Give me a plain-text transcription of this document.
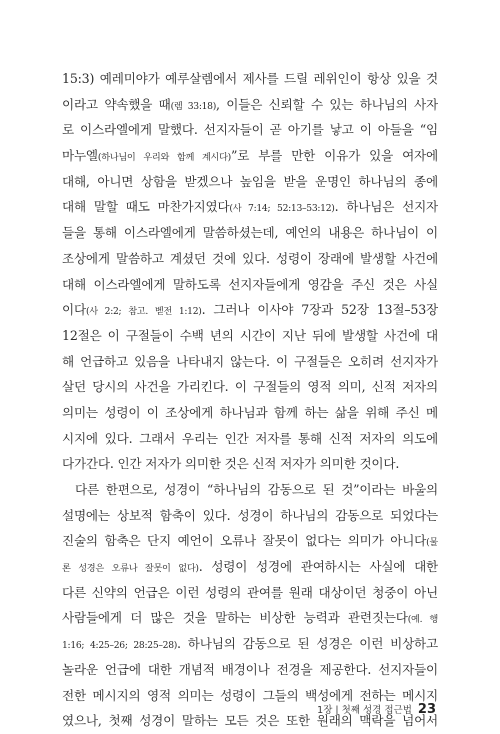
15:3) 예레미야가 예루살렘에서 제사를 드릴 레위인이 항상 있을 것
이라고 약속했을 때(렘 33:18), 이들은 신뢰할 수 있는 하나님의 사자
로 이스라엘에게 말했다. 선지자들이 곧 아기를 낳고 이 아들을 “임
마누엘(하나님이 우리와 함께 계시다)”로 부를 만한 이유가 있을 여자에
대해, 아니면 상함을 받겠으나 높임을 받을 운명인 하나님의 종에
대해 말할 때도 마찬가지였다(사 7:14; 52:13–53:12). 하나님은 선지자
들을 통해 이스라엘에게 말씀하셨는데, 예언의 내용은 하나님이 이
조상에게 말씀하고 계셨던 것에 있다. 성령이 장래에 발생할 사건에
대해 이스라엘에게 말하도록 선지자들에게 영감을 주신 것은 사실
이다(사 2:2; 참고. 벧전 1:12). 그러나 이사야 7장과 52장 13절–53장
12절은 이 구절들이 수백 년의 시간이 지난 뒤에 발생할 사건에 대
해 언급하고 있음을 나타내지 않는다. 이 구절들은 오히려 선지자가
살던 당시의 사건을 가리킨다. 이 구절들의 영적 의미, 신적 저자의
의미는 성령이 이 조상에게 하나님과 함께 하는 삶을 위해 주신 메
시지에 있다. 그래서 우리는 인간 저자를 통해 신적 저자의 의도에
다가간다. 인간 저자가 의미한 것은 신적 저자가 의미한 것이다.
다른 한편으로, 성경이 “하나님의 감동으로 된 것”이라는 바울의
설명에는 상보적 함축이 있다. 성경이 하나님의 감동으로 되었다는
진술의 함축은 단지 예언이 오류나 잘못이 없다는 의미가 아니다(물
론 성경은 오류나 잘못이 없다). 성령이 성경에 관여하시는 사실에 대한
다른 신약의 언급은 이런 성령의 관여를 원래 대상이던 청중이 아닌
사람들에게 더 많은 것을 말하는 비상한 능력과 관련짓는다(예. 행
1:16; 4:25–26; 28:25–28). 하나님의 감동으로 된 성경은 이런 비상하고
놀라운 언급에 대한 개념적 배경이나 전경을 제공한다. 선지자들이
전한 메시지의 영적 의미는 성령이 그들의 백성에게 전하는 메시지
였으나, 첫째 성경이 말하는 모든 것은 또한 원래의 맥락을 넘어서
1장 | 첫째 성경 접근법 23
